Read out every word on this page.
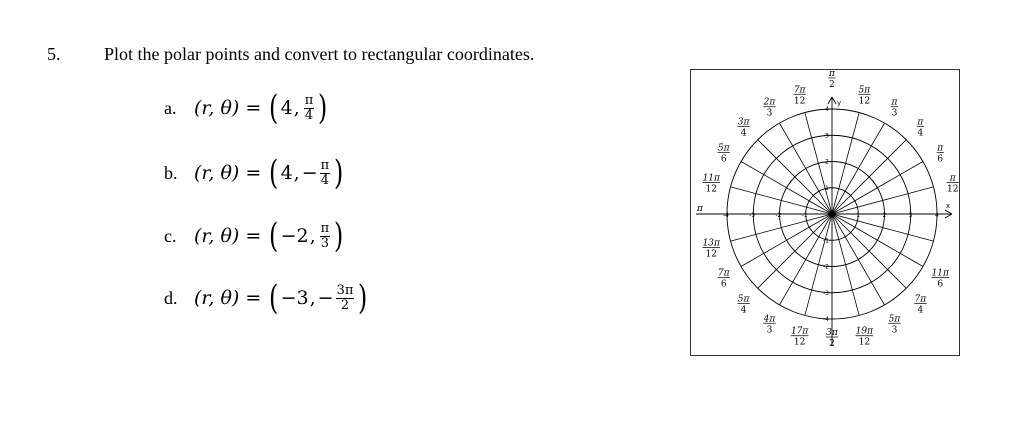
5. Plot the polar points and convert to rectangular coordinates.
a. (r, θ) = ( 4 , $\frac{\pi}{4}$ )
b. (r, θ) = ( 4 , − $\frac{\pi}{4}$ )
c. (r, θ) = ( −2 , $\frac{\pi}{3}$ )
d. (r, θ) = ( −3 , − $\frac{3\pi}{2}$ )
x
y
1
-1
1
-1
2
-2
2
-2
3
-3
3
-3
4
-4
4
-4
π
12
π
6
π
4
π
3
5π
12
π
2
7π
12
2π
3
3π
4
5π
6
11π
12
π
13π
12
7π
6
5π
4
4π
3 17π
12
3π
2
19π
12
5π
3
7π
4
11π
6
